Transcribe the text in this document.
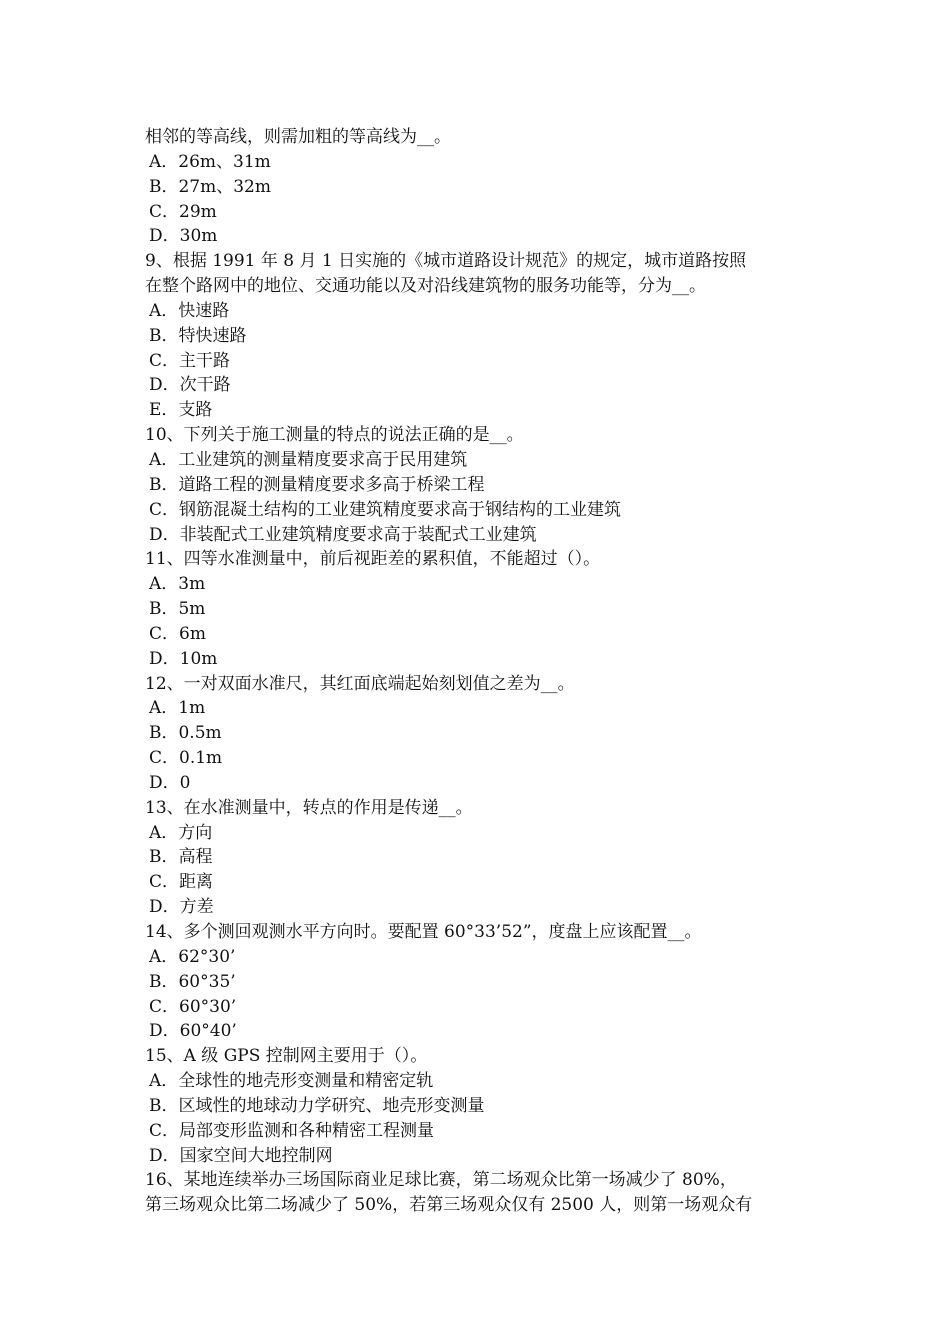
相邻的等高线，则需加粗的等高线为__。
A．26m、31m
B．27m、32m
C．29m
D．30m
9、根据 1991 年 8 月 1 日实施的《城市道路设计规范》的规定，城市道路按照
在整个路网中的地位、交通功能以及对沿线建筑物的服务功能等，分为__。
A．快速路
B．特快速路
C．主干路
D．次干路
E．支路
10、下列关于施工测量的特点的说法正确的是__。
A．工业建筑的测量精度要求高于民用建筑
B．道路工程的测量精度要求多高于桥梁工程
C．钢筋混凝土结构的工业建筑精度要求高于钢结构的工业建筑
D．非装配式工业建筑精度要求高于装配式工业建筑
11、四等水准测量中，前后视距差的累积值，不能超过（）。
A．3m
B．5m
C．6m
D．10m
12、一对双面水准尺，其红面底端起始刻划值之差为__。
A．1m
B．0.5m
C．0.1m
D．0
13、在水准测量中，转点的作用是传递__。
A．方向
B．高程
C．距离
D．方差
14、多个测回观测水平方向时。要配置 60°33’52”，度盘上应该配置__。
A．62°30’
B．60°35’
C．60°30’
D．60°40’
15、A 级 GPS 控制网主要用于（）。
A．全球性的地壳形变测量和精密定轨
B．区域性的地球动力学研究、地壳形变测量
C．局部变形监测和各种精密工程测量
D．国家空间大地控制网
16、某地连续举办三场国际商业足球比赛，第二场观众比第一场减少了 80%，
第三场观众比第二场减少了 50%，若第三场观众仅有 2500 人，则第一场观众有
